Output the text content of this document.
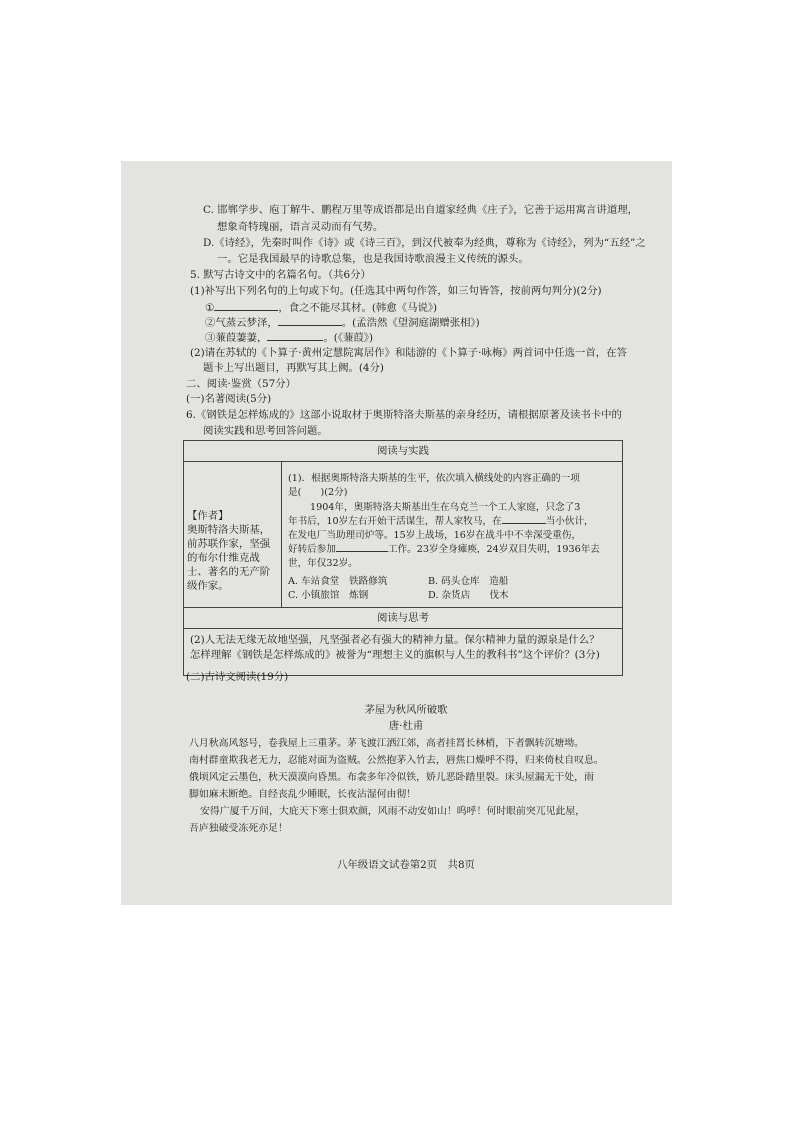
C. 邯郸学步、庖丁解牛、鹏程万里等成语都是出自道家经典《庄子》，它善于运用寓言讲道理，
想象奇特瑰丽，语言灵动而有气势。
D.《诗经》，先秦时叫作《诗》或《诗三百》，到汉代被奉为经典，尊称为《诗经》，列为“五经”之
一。它是我国最早的诗歌总集，也是我国诗歌浪漫主义传统的源头。
5. 默写古诗文中的名篇名句。（共6分）
(1)补写出下列名句的上句或下句。(任选其中两句作答，如三句皆答，按前两句判分)(2分)
①	，食之不能尽其材。(韩愈《马说》)
②气蒸云梦泽，	。(孟浩然《望洞庭湖赠张相》)
③蒹葭萋萋，	。(《蒹葭》)
(2)请在苏轼的《卜算子·黄州定慧院寓居作》和陆游的《卜算子·咏梅》两首词中任选一首，在答
题卡上写出题目，再默写其上阙。(4分)
二、阅读·鉴赏（57分）
(一)名著阅读(5分)
6.《钢铁是怎样炼成的》这部小说取材于奥斯特洛夫斯基的亲身经历，请根据原著及读书卡中的
阅读实践和思考回答问题。
阅读与实践

【作者】
奥斯特洛夫斯基，
前苏联作家，坚强
的布尔什维克战
士、著名的无产阶
级作家。

(1)．根据奥斯特洛夫斯基的生平，依次填入横线处的内容正确的一项
是(　　)(2分)
1904年，奥斯特洛夫斯基出生在乌克兰一个工人家庭，只念了3
年书后，10岁左右开始干活谋生，帮人家牧马，在	当小伙计，
在发电厂当助理司炉等。15岁上战场，16岁在战斗中不幸深受重伤，
好转后参加	工作。23岁全身瘫痪，24岁双目失明，1936年去
世，年仅32岁。
A. 车站食堂　铁路修筑	B. 码头仓库　造船
C. 小镇旅馆　炼钢	D. 杂货店　　伐木

阅读与思考

(2)人无法无缘无故地坚强，凡坚强者必有强大的精神力量。保尔精神力量的源泉是什么？
怎样理解《钢铁是怎样炼成的》被誉为“理想主义的旗帜与人生的教科书”这个评价？(3分)
(二)古诗文阅读(19分)
茅屋为秋风所破歌
唐·杜甫
八月秋高风怒号，卷我屋上三重茅。茅飞渡江洒江郊，高者挂罥长林梢，下者飘转沉塘坳。
南村群童欺我老无力，忍能对面为盗贼。公然抱茅入竹去，唇焦口燥呼不得，归来倚杖自叹息。
俄顷风定云墨色，秋天漠漠向昏黑。布衾多年冷似铁，娇儿恶卧踏里裂。床头屋漏无干处，雨
脚如麻未断绝。自经丧乱少睡眠，长夜沾湿何由彻！
安得广厦千万间，大庇天下寒士俱欢颜，风雨不动安如山！呜呼！何时眼前突兀见此屋，
吾庐独破受冻死亦足！
八年级语文试卷第2页　共8页
